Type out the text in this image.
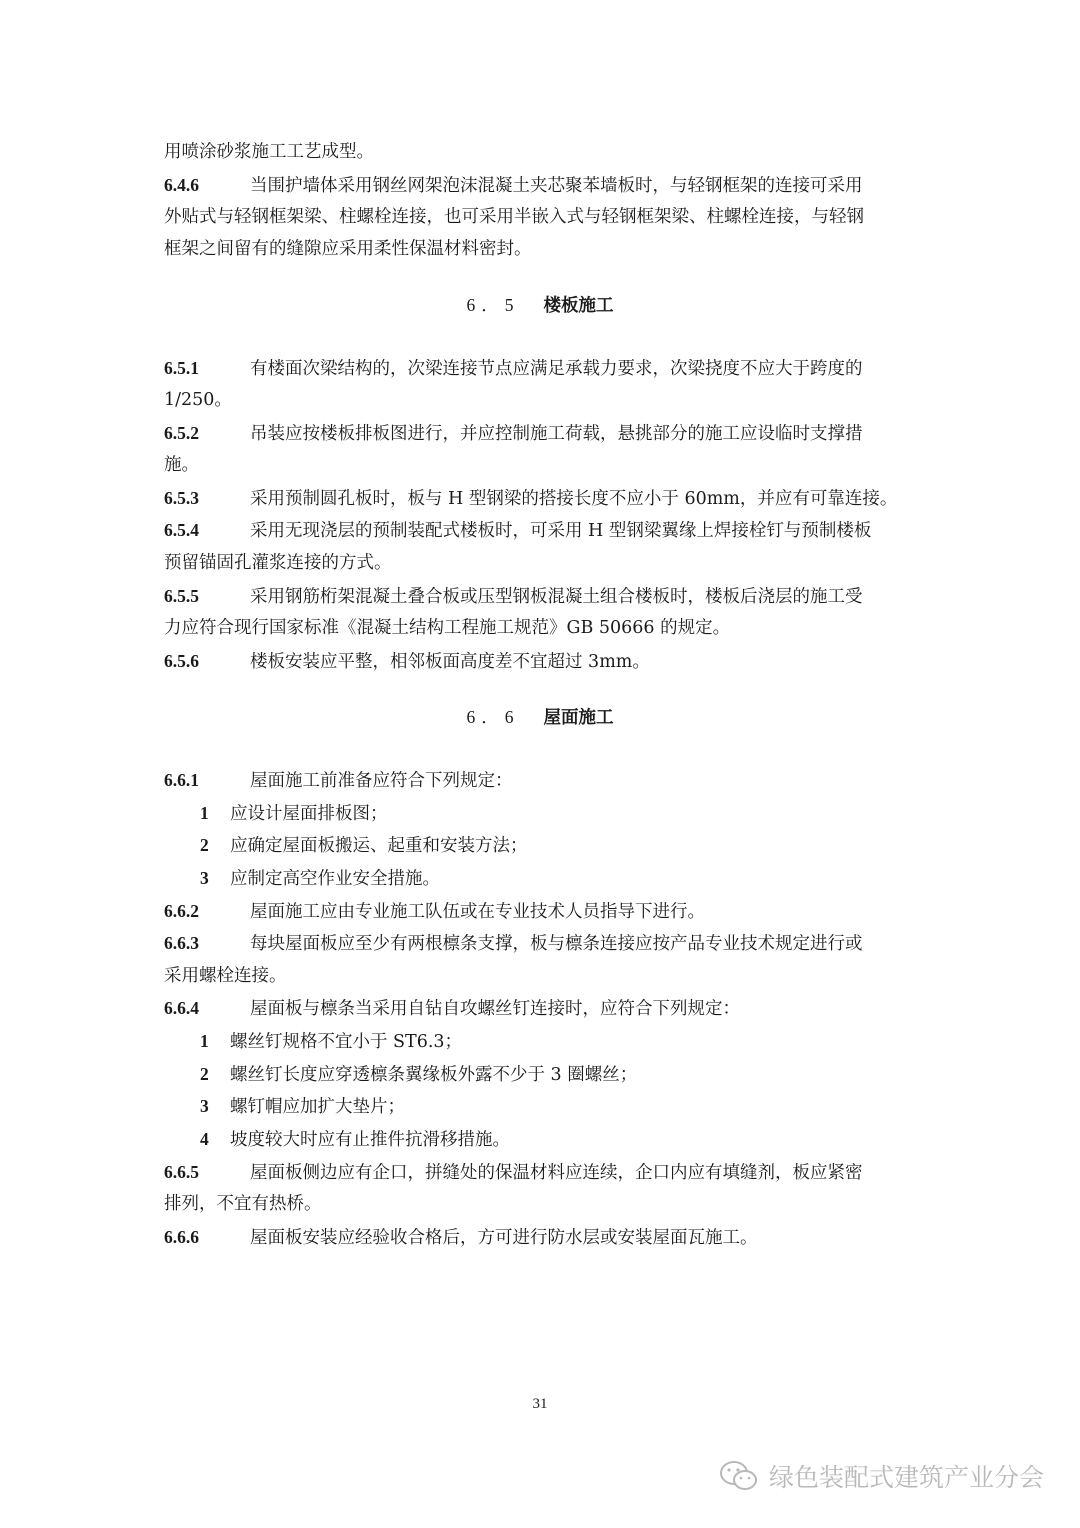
用喷涂砂浆施工工艺成型。
6.4.6	当围护墙体采用钢丝网架泡沫混凝土夹芯聚苯墙板时，与轻钢框架的连接可采用
外贴式与轻钢框架梁、柱螺栓连接，也可采用半嵌入式与轻钢框架梁、柱螺栓连接，与轻钢
框架之间留有的缝隙应采用柔性保温材料密封。
6．5 楼板施工
6.5.1	有楼面次梁结构的，次梁连接节点应满足承载力要求，次梁挠度不应大于跨度的
1/250。
6.5.2	吊装应按楼板排板图进行，并应控制施工荷载，悬挑部分的施工应设临时支撑措
施。
6.5.3	采用预制圆孔板时，板与 H 型钢梁的搭接长度不应小于 60mm，并应有可靠连接。
6.5.4	采用无现浇层的预制装配式楼板时，可采用 H 型钢梁翼缘上焊接栓钉与预制楼板
预留锚固孔灌浆连接的方式。
6.5.5	采用钢筋桁架混凝土叠合板或压型钢板混凝土组合楼板时，楼板后浇层的施工受
力应符合现行国家标准《混凝土结构工程施工规范》GB 50666 的规定。
6.5.6	楼板安装应平整，相邻板面高度差不宜超过 3mm。
6．6 屋面施工
6.6.1	屋面施工前准备应符合下列规定：
1 应设计屋面排板图；
2 应确定屋面板搬运、起重和安装方法；
3 应制定高空作业安全措施。
6.6.2	屋面施工应由专业施工队伍或在专业技术人员指导下进行。
6.6.3	每块屋面板应至少有两根檩条支撑，板与檩条连接应按产品专业技术规定进行或
采用螺栓连接。
6.6.4	屋面板与檩条当采用自钻自攻螺丝钉连接时，应符合下列规定：
1 螺丝钉规格不宜小于 ST6.3；
2 螺丝钉长度应穿透檩条翼缘板外露不少于 3 圈螺丝；
3 螺钉帽应加扩大垫片；
4 坡度较大时应有止推件抗滑移措施。
6.6.5	屋面板侧边应有企口，拼缝处的保温材料应连续，企口内应有填缝剂，板应紧密
排列，不宜有热桥。
6.6.6	屋面板安装应经验收合格后，方可进行防水层或安装屋面瓦施工。
31
绿色装配式建筑产业分会
